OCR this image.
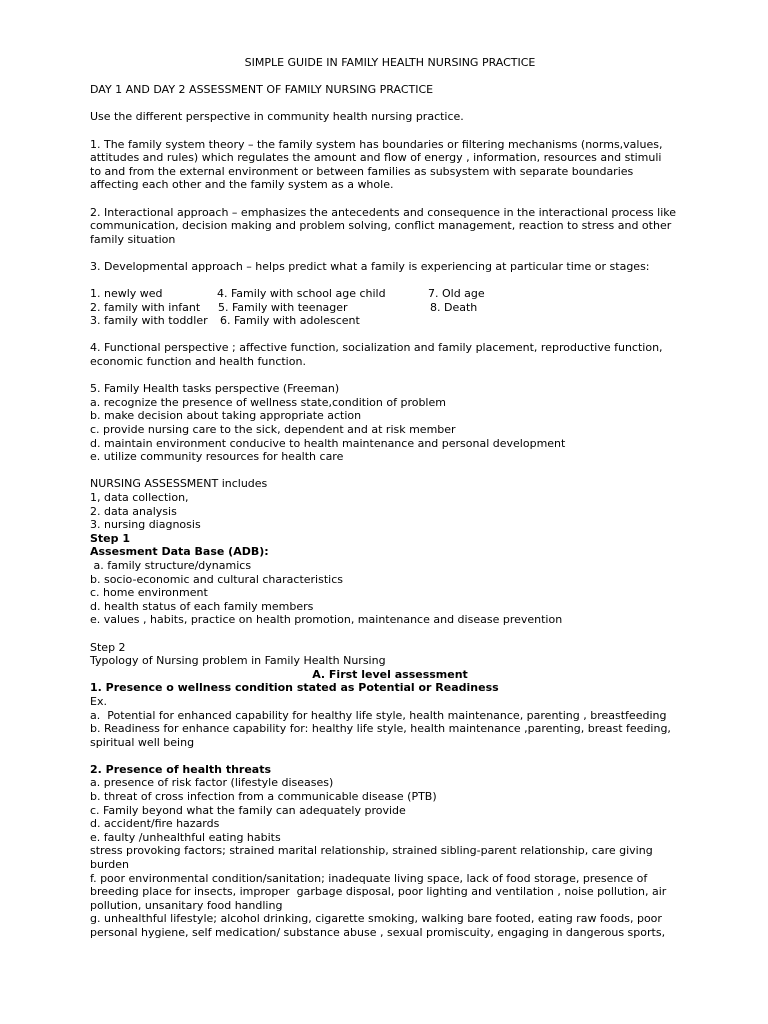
SIMPLE GUIDE IN FAMILY HEALTH NURSING PRACTICE

DAY 1 AND DAY 2 ASSESSMENT OF FAMILY NURSING PRACTICE

Use the different perspective in community health nursing practice.

1. The family system theory – the family system has boundaries or filtering mechanisms (norms,values,

attitudes and rules) which regulates the amount and flow of energy , information, resources and stimuli

to and from the external environment or between families as subsystem with separate boundaries

affecting each other and the family system as a whole.

2. Interactional approach – emphasizes the antecedents and consequence in the interactional process like

communication, decision making and problem solving, conflict management, reaction to stress and other

family situation

3. Developmental approach – helps predict what a family is experiencing at particular time or stages:

1. newly wed
2. family with infant
3. family with toddler
4. Family with school age child
5. Family with teenager
6. Family with adolescent
7. Old age
8. Death

4. Functional perspective ; affective function, socialization and family placement, reproductive function,

economic function and health function.

5. Family Health tasks perspective (Freeman)

a. recognize the presence of wellness state,condition of problem

b. make decision about taking appropriate action

c. provide nursing care to the sick, dependent and at risk member

d. maintain environment conducive to health maintenance and personal development

e. utilize community resources for health care

NURSING ASSESSMENT includes

1, data collection,

2. data analysis

3. nursing diagnosis

Step 1

Assesment Data Base (ADB):

a. family structure/dynamics

b. socio-economic and cultural characteristics

c. home environment

d. health status of each family members

e. values , habits, practice on health promotion, maintenance and disease prevention

Step 2

Typology of Nursing problem in Family Health Nursing

A. First level assessment

1. Presence o wellness condition stated as Potential or Readiness

Ex.

a.  Potential for enhanced capability for healthy life style, health maintenance, parenting , breastfeeding

b. Readiness for enhance capability for: healthy life style, health maintenance ,parenting, breast feeding,

spiritual well being

2. Presence of health threats

a. presence of risk factor (lifestyle diseases)

b. threat of cross infection from a communicable disease (PTB)

c. Family beyond what the family can adequately provide

d. accident/fire hazards

e. faulty /unhealthful eating habits

stress provoking factors; strained marital relationship, strained sibling-parent relationship, care giving

burden

f. poor environmental condition/sanitation; inadequate living space, lack of food storage, presence of

breeding place for insects, improper  garbage disposal, poor lighting and ventilation , noise pollution, air

pollution, unsanitary food handling

g. unhealthful lifestyle; alcohol drinking, cigarette smoking, walking bare footed, eating raw foods, poor

personal hygiene, self medication/ substance abuse , sexual promiscuity, engaging in dangerous sports,
